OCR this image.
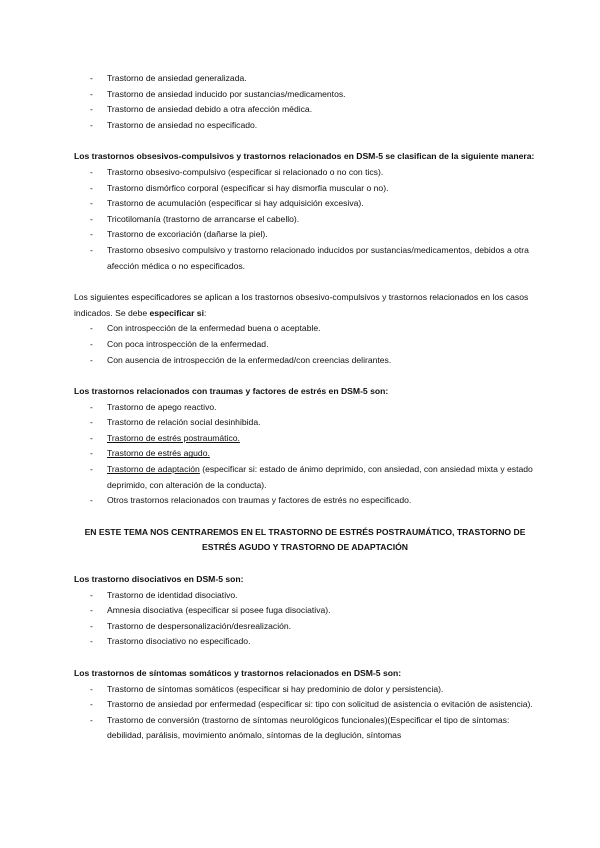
- Trastorno de ansiedad generalizada.
- Trastorno de ansiedad inducido por sustancias/medicamentos.
- Trastorno de ansiedad debido a otra afección médica.
- Trastorno de ansiedad no especificado.
Los trastornos obsesivos-compulsivos y trastornos relacionados en DSM-5 se clasifican de la siguiente manera:
- Trastorno obsesivo-compulsivo (especificar si relacionado o no con tics).
- Trastorno dismórfico corporal (especificar si hay dismorfia muscular o no).
- Trastorno de acumulación (especificar si hay adquisición excesiva).
- Tricotilomanía (trastorno de arrancarse el cabello).
- Trastorno de excoriación (dañarse la piel).
- Trastorno obsesivo compulsivo y trastorno relacionado inducidos por sustancias/medicamentos, debidos a otra afección médica o no especificados.
Los siguientes especificadores se aplican a los trastornos obsesivo-compulsivos y trastornos relacionados en los casos indicados. Se debe especificar si:
- Con introspección de la enfermedad buena o aceptable.
- Con poca introspección de la enfermedad.
- Con ausencia de introspección de la enfermedad/con creencias delirantes.
Los trastornos relacionados con traumas y factores de estrés en DSM-5 son:
- Trastorno de apego reactivo.
- Trastorno de relación social desinhibida.
- Trastorno de estrés postraumático.
- Trastorno de estrés agudo.
- Trastorno de adaptación (especificar si: estado de ánimo deprimido, con ansiedad, con ansiedad mixta y estado deprimido, con alteración de la conducta).
- Otros trastornos relacionados con traumas y factores de estrés no especificado.
EN ESTE TEMA NOS CENTRAREMOS EN EL TRASTORNO DE ESTRÉS POSTRAUMÁTICO, TRASTORNO DE ESTRÉS AGUDO Y TRASTORNO DE ADAPTACIÓN
Los trastorno disociativos en DSM-5 son:
- Trastorno de identidad disociativo.
- Amnesia disociativa (especificar si posee fuga disociativa).
- Trastorno de despersonalización/desrealización.
- Trastorno disociativo no especificado.
Los trastornos de síntomas somáticos y trastornos relacionados en DSM-5 son:
- Trastorno de síntomas somáticos (especificar si hay predominio de dolor y persistencia).
- Trastorno de ansiedad por enfermedad (especificar si: tipo con solicitud de asistencia o evitación de asistencia).
- Trastorno de conversión (trastorno de síntomas neurológicos funcionales)(Especificar el tipo de síntomas: debilidad, parálisis, movimiento anómalo, síntomas de la deglución, síntomas
